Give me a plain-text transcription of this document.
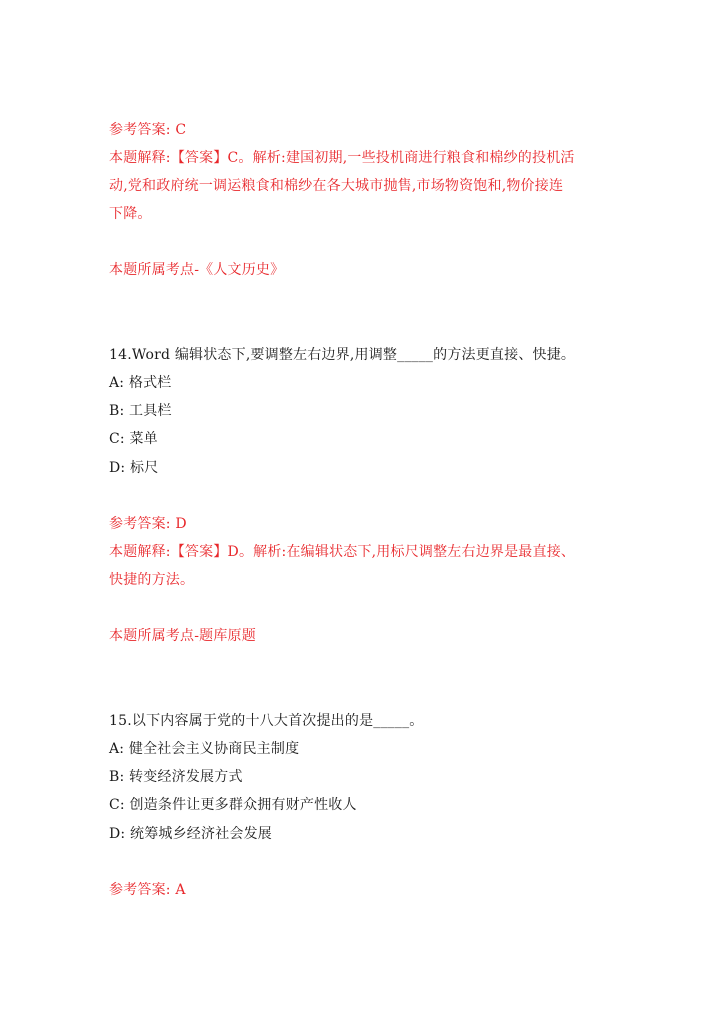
参考答案: C
本题解释:【答案】C。解析:建国初期,一些投机商进行粮食和棉纱的投机活
动,党和政府统一调运粮食和棉纱在各大城市抛售,市场物资饱和,物价接连
下降。
本题所属考点-《人文历史》
14.Word 编辑状态下,要调整左右边界,用调整_____的方法更直接、快捷。
A: 格式栏
B: 工具栏
C: 菜单
D: 标尺
参考答案: D
本题解释:【答案】D。解析:在编辑状态下,用标尺调整左右边界是最直接、
快捷的方法。
本题所属考点-题库原题
15.以下内容属于党的十八大首次提出的是_____。
A: 健全社会主义协商民主制度
B: 转变经济发展方式
C: 创造条件让更多群众拥有财产性收人
D: 统筹城乡经济社会发展
参考答案: A
